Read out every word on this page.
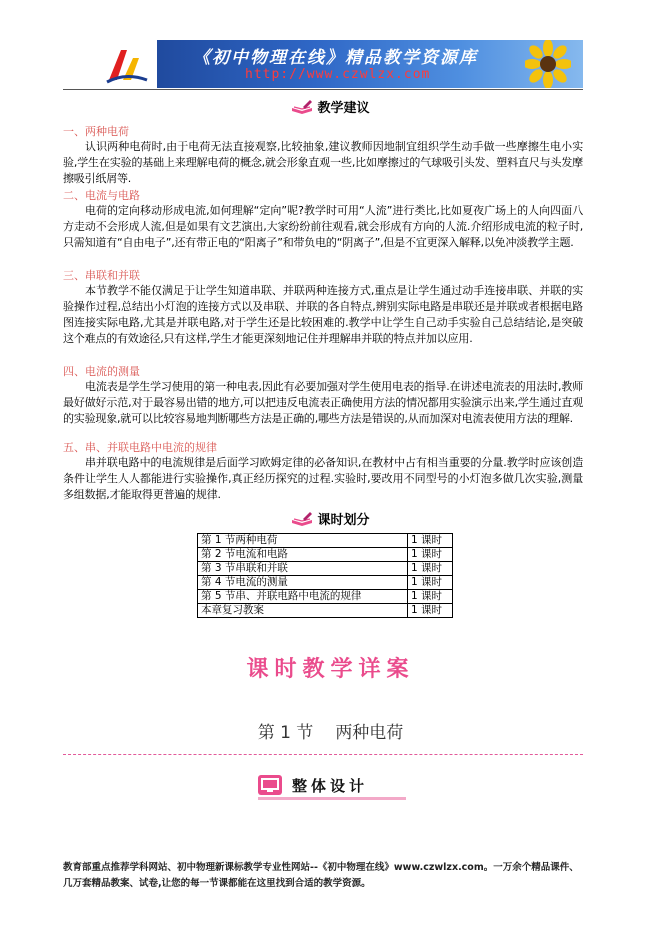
《初中物理在线》精品教学资源库
http://www.czwlzx.com
教学建议

一、两种电荷

认识两种电荷时,由于电荷无法直接观察,比较抽象,建议教师因地制宜组织学生动手做一些摩擦生电小实验,学生在实验的基础上来理解电荷的概念,就会形象直观一些,比如摩擦过的气球吸引头发、塑料直尺与头发摩擦吸引纸屑等.

二、电流与电路

电荷的定向移动形成电流,如何理解“定向”呢?教学时可用“人流”进行类比,比如夏夜广场上的人向四面八方走动不会形成人流,但是如果有文艺演出,大家纷纷前往观看,就会形成有方向的人流.介绍形成电流的粒子时,只需知道有“自由电子”,还有带正电的“阳离子”和带负电的“阴离子”,但是不宜更深入解释,以免冲淡教学主题.

三、串联和并联

本节教学不能仅满足于让学生知道串联、并联两种连接方式,重点是让学生通过动手连接串联、并联的实验操作过程,总结出小灯泡的连接方式以及串联、并联的各自特点,辨别实际电路是串联还是并联或者根据电路图连接实际电路,尤其是并联电路,对于学生还是比较困难的.教学中让学生自己动手实验自己总结结论,是突破这个难点的有效途径,只有这样,学生才能更深刻地记住并理解串并联的特点并加以应用.

四、电流的测量

电流表是学生学习使用的第一种电表,因此有必要加强对学生使用电表的指导.在讲述电流表的用法时,教师最好做好示范,对于最容易出错的地方,可以把违反电流表正确使用方法的情况都用实验演示出来,学生通过直观的实验现象,就可以比较容易地判断哪些方法是正确的,哪些方法是错误的,从而加深对电流表使用方法的理解.

五、串、并联电路中电流的规律

串并联电路中的电流规律是后面学习欧姆定律的必备知识,在教材中占有相当重要的分量.教学时应该创造条件让学生人人都能进行实验操作,真正经历探究的过程.实验时,要改用不同型号的小灯泡多做几次实验,测量多组数据,才能取得更普遍的规律.

课时划分
第 1 节两种电荷	1 课时
第 2 节电流和电路	1 课时
第 3 节串联和并联	1 课时
第 4 节电流的测量	1 课时
第 5 节串、并联电路中电流的规律	1 课时
本章复习教案	1 课时
课时教学详案
第 1 节 两种电荷
整体设计
教育部重点推荐学科网站、初中物理新课标教学专业性网站--《初中物理在线》www.czwlzx.com。一万余个精品课件、
几万套精品教案、试卷,让您的每一节课都能在这里找到合适的教学资源。
